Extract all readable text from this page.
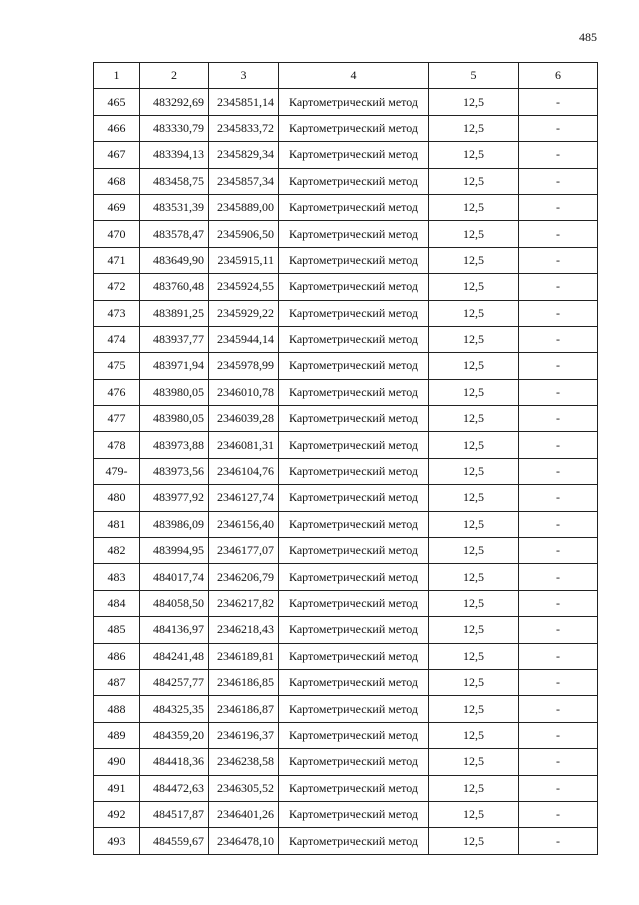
485
1	2	3	4	5	6
465	483292,69	2345851,14	Картометрический метод	12,5	-
466	483330,79	2345833,72	Картометрический метод	12,5	-
467	483394,13	2345829,34	Картометрический метод	12,5	-
468	483458,75	2345857,34	Картометрический метод	12,5	-
469	483531,39	2345889,00	Картометрический метод	12,5	-
470	483578,47	2345906,50	Картометрический метод	12,5	-
471	483649,90	2345915,11	Картометрический метод	12,5	-
472	483760,48	2345924,55	Картометрический метод	12,5	-
473	483891,25	2345929,22	Картометрический метод	12,5	-
474	483937,77	2345944,14	Картометрический метод	12,5	-
475	483971,94	2345978,99	Картометрический метод	12,5	-
476	483980,05	2346010,78	Картометрический метод	12,5	-
477	483980,05	2346039,28	Картометрический метод	12,5	-
478	483973,88	2346081,31	Картометрический метод	12,5	-
479-	483973,56	2346104,76	Картометрический метод	12,5	-
480	483977,92	2346127,74	Картометрический метод	12,5	-
481	483986,09	2346156,40	Картометрический метод	12,5	-
482	483994,95	2346177,07	Картометрический метод	12,5	-
483	484017,74	2346206,79	Картометрический метод	12,5	-
484	484058,50	2346217,82	Картометрический метод	12,5	-
485	484136,97	2346218,43	Картометрический метод	12,5	-
486	484241,48	2346189,81	Картометрический метод	12,5	-
487	484257,77	2346186,85	Картометрический метод	12,5	-
488	484325,35	2346186,87	Картометрический метод	12,5	-
489	484359,20	2346196,37	Картометрический метод	12,5	-
490	484418,36	2346238,58	Картометрический метод	12,5	-
491	484472,63	2346305,52	Картометрический метод	12,5	-
492	484517,87	2346401,26	Картометрический метод	12,5	-
493	484559,67	2346478,10	Картометрический метод	12,5	-
